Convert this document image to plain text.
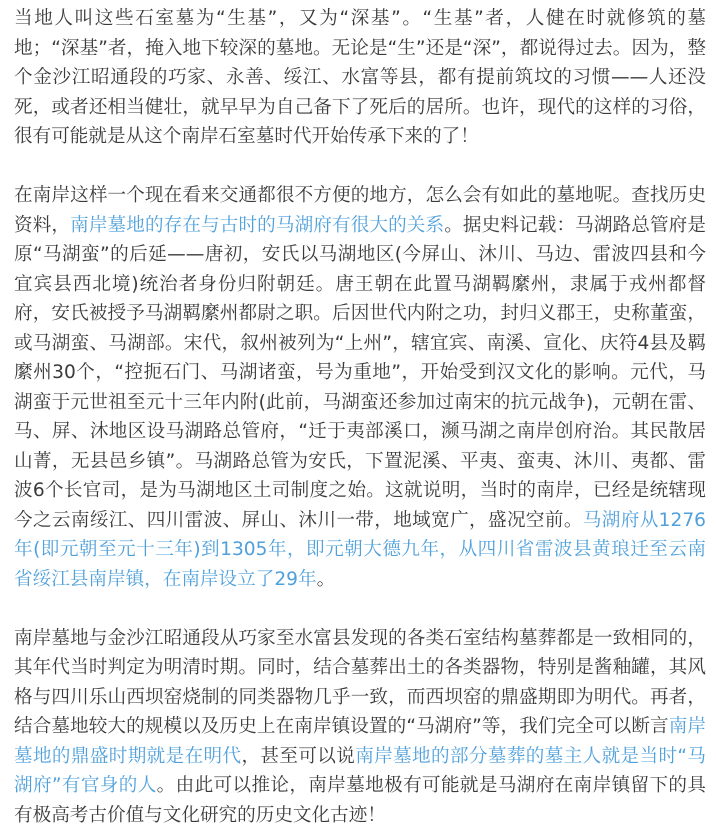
当地人叫这些石室墓为“生基”，又为“深基”。“生基”者，人健在时就修筑的墓地；“深基”者，掩入地下较深的墓地。无论是“生”还是“深”，都说得过去。因为，整个金沙江昭通段的巧家、永善、绥江、水富等县，都有提前筑坟的习惯——人还没死，或者还相当健壮，就早早为自己备下了死后的居所。也许，现代的这样的习俗，很有可能就是从这个南岸石室墓时代开始传承下来的了！

在南岸这样一个现在看来交通都很不方便的地方，怎么会有如此的墓地呢。查找历史资料，南岸墓地的存在与古时的马湖府有很大的关系。据史料记载：马湖路总管府是原“马湖蛮”的后延——唐初，安氏以马湖地区(今屏山、沐川、马边、雷波四县和今宜宾县西北境)统治者身份归附朝廷。唐王朝在此置马湖羁縻州，隶属于戎州都督府，安氏被授予马湖羁縻州都尉之职。后因世代内附之功，封归义郡王，史称董蛮，或马湖蛮、马湖部。宋代，叙州被列为“上州”，辖宜宾、南溪、宣化、庆符4县及羁縻州30个，“控扼石门、马湖诸蛮，号为重地”，开始受到汉文化的影响。元代，马湖蛮于元世祖至元十三年内附(此前，马湖蛮还参加过南宋的抗元战争)，元朝在雷、马、屏、沐地区设马湖路总管府，“迁于夷部溪口，濒马湖之南岸创府治。其民散居山菁，无县邑乡镇”。马湖路总管为安氏，下置泥溪、平夷、蛮夷、沐川、夷都、雷波6个长官司，是为马湖地区土司制度之始。这就说明，当时的南岸，已经是统辖现今之云南绥江、四川雷波、屏山、沐川一带，地域宽广，盛况空前。马湖府从1276年(即元朝至元十三年)到1305年，即元朝大德九年，从四川省雷波县黄琅迁至云南省绥江县南岸镇，在南岸设立了29年。

南岸墓地与金沙江昭通段从巧家至水富县发现的各类石室结构墓葬都是一致相同的，其年代当时判定为明清时期。同时，结合墓葬出土的各类器物，特别是酱釉罐，其风格与四川乐山西坝窑烧制的同类器物几乎一致，而西坝窑的鼎盛期即为明代。再者，结合墓地较大的规模以及历史上在南岸镇设置的“马湖府”等，我们完全可以断言南岸墓地的鼎盛时期就是在明代，甚至可以说南岸墓地的部分墓葬的墓主人就是当时“马湖府”有官身的人。由此可以推论，南岸墓地极有可能就是马湖府在南岸镇留下的具有极高考古价值与文化研究的历史文化古迹！
